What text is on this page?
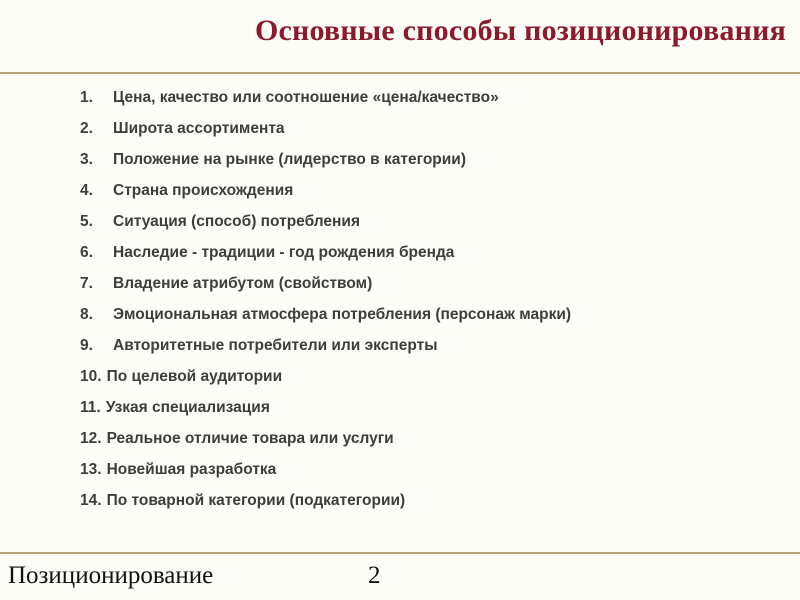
Основные способы позиционирования
1.	Цена, качество или соотношение «цена/качество»
2.	Широта ассортимента
3.	Положение на рынке (лидерство в категории)
4.	Страна происхождения
5.	Ситуация (способ) потребления
6.	Наследие - традиции - год рождения бренда
7.	Владение атрибутом (свойством)
8.	Эмоциональная атмосфера потребления (персонаж марки)
9.	Авторитетные потребители или эксперты
10. По целевой аудитории
11. Узкая специализация
12. Реальное отличие товара или услуги
13. Новейшая разработка
14. По товарной категории (подкатегории)
Позиционирование	2
